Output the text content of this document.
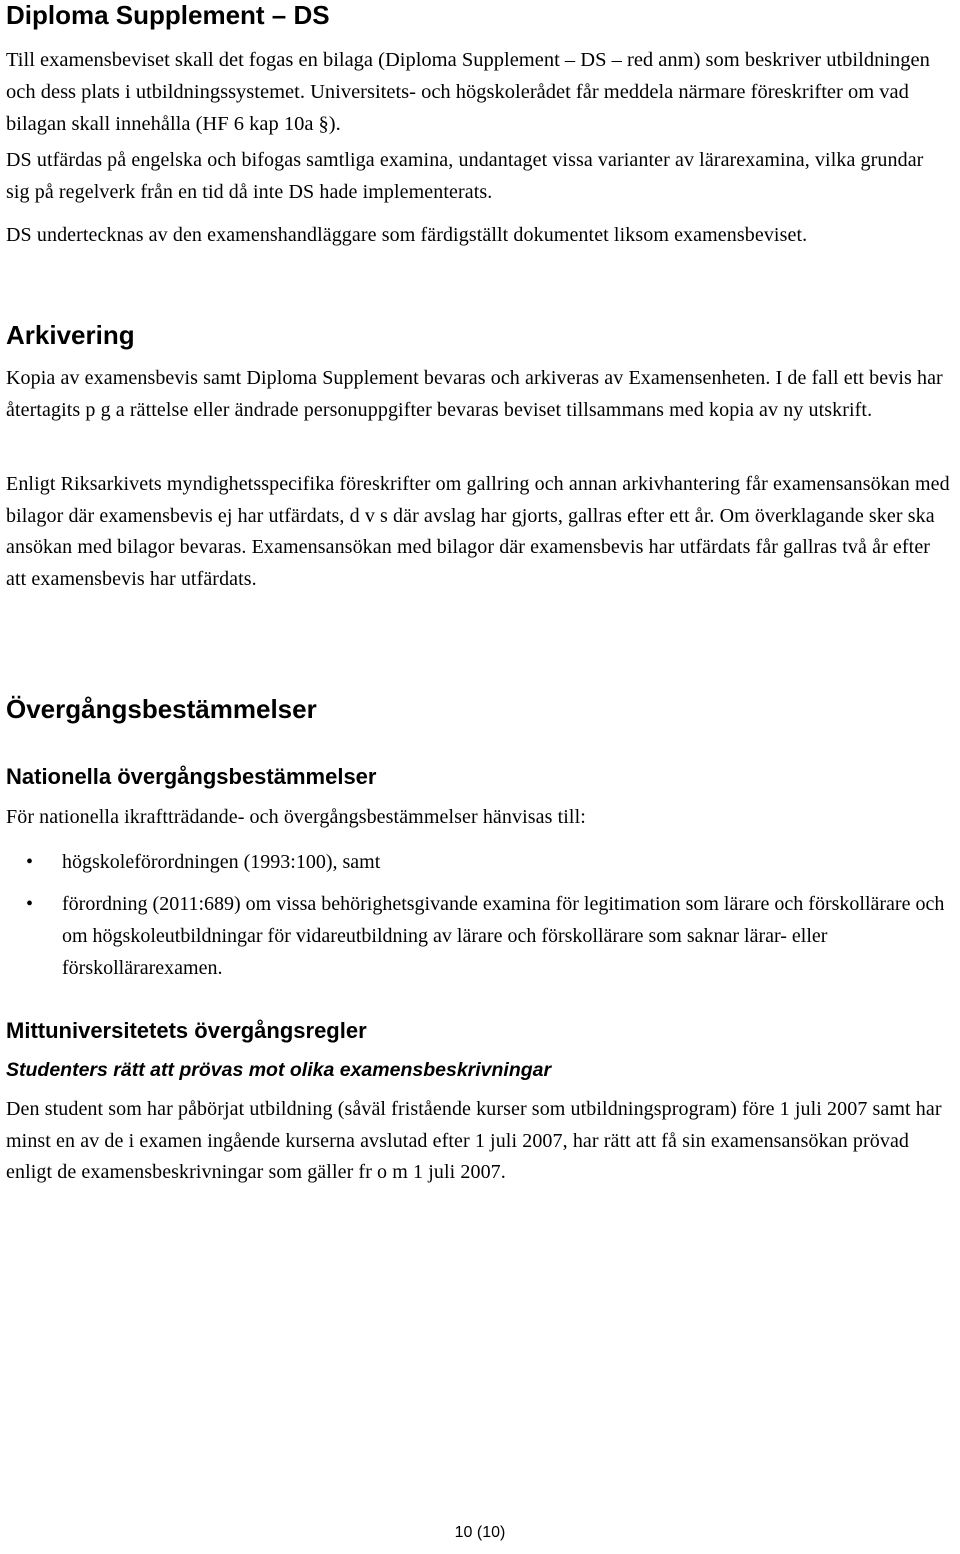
Diploma Supplement – DS

Till examensbeviset skall det fogas en bilaga (Diploma Supplement – DS – red anm) som beskriver utbildningen och dess plats i utbildningssystemet. Universitets- och högskolerådet får meddela närmare föreskrifter om vad bilagan skall innehålla (HF 6 kap 10a §).

DS utfärdas på engelska och bifogas samtliga examina, undantaget vissa varianter av lärarexamina, vilka grundar sig på regelverk från en tid då inte DS hade implementerats.

DS undertecknas av den examenshandläggare som färdigställt dokumentet liksom examensbeviset.

Arkivering

Kopia av examensbevis samt Diploma Supplement bevaras och arkiveras av Examensenheten. I de fall ett bevis har återtagits p g a rättelse eller ändrade personuppgifter bevaras beviset tillsammans med kopia av ny utskrift.

Enligt Riksarkivets myndighetsspecifika föreskrifter om gallring och annan arkivhantering får examensansökan med bilagor där examensbevis ej har utfärdats, d v s där avslag har gjorts, gallras efter ett år. Om överklagande sker ska ansökan med bilagor bevaras. Examensansökan med bilagor där examensbevis har utfärdats får gallras två år efter att examensbevis har utfärdats.

Övergångsbestämmelser
Nationella övergångsbestämmelser

För nationella ikraftträdande- och övergångsbestämmelser hänvisas till:

• högskoleförordningen (1993:100), samt
• förordning (2011:689) om vissa behörighetsgivande examina för legitimation som lärare och förskollärare och om högskoleutbildningar för vidareutbildning av lärare och förskollärare som saknar lärar- eller förskollärarexamen.
Mittuniversitetets övergångsregler
Studenters rätt att prövas mot olika examensbeskrivningar

Den student som har påbörjat utbildning (såväl fristående kurser som utbildningsprogram) före 1 juli 2007 samt har minst en av de i examen ingående kurserna avslutad efter 1 juli 2007, har rätt att få sin examensansökan prövad enligt de examensbeskrivningar som gäller fr o m 1 juli 2007.

10 (10)
